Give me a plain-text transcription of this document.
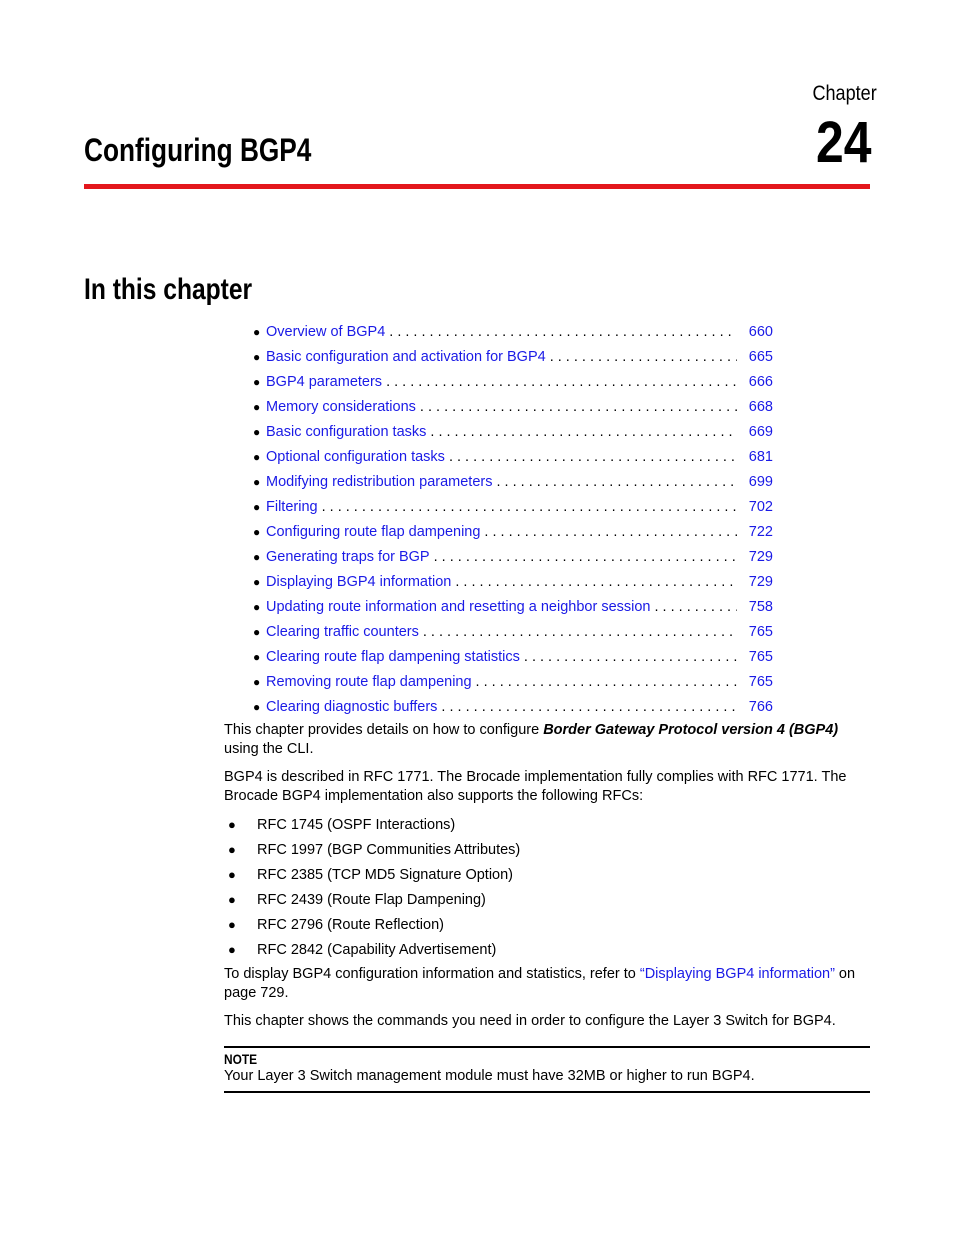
Chapter
24
Configuring BGP4
In this chapter
● Overview of BGP4 . . .	660
● Basic configuration and activation for BGP4 . . .	665
● BGP4 parameters . . .	666
● Memory considerations . . .	668
● Basic configuration tasks . . .	669
● Optional configuration tasks . . .	681
● Modifying redistribution parameters . . .	699
● Filtering . . .	702
● Configuring route flap dampening . . .	722
● Generating traps for BGP . . .	729
● Displaying BGP4 information . . .	729
● Updating route information and resetting a neighbor session . . .	758
● Clearing traffic counters . . .	765
● Clearing route flap dampening statistics . . .	765
● Removing route flap dampening . . .	765
● Clearing diagnostic buffers . . .	766

This chapter provides details on how to configure Border Gateway Protocol version 4 (BGP4) using the CLI.

BGP4 is described in RFC 1771. The Brocade implementation fully complies with RFC 1771. The Brocade BGP4 implementation also supports the following RFCs:

●	RFC 1745 (OSPF Interactions)
●	RFC 1997 (BGP Communities Attributes)
●	RFC 2385 (TCP MD5 Signature Option)
●	RFC 2439 (Route Flap Dampening)
●	RFC 2796 (Route Reflection)
●	RFC 2842 (Capability Advertisement)

To display BGP4 configuration information and statistics, refer to “Displaying BGP4 information” on page 729.

This chapter shows the commands you need in order to configure the Layer 3 Switch for BGP4.

NOTE
Your Layer 3 Switch management module must have 32MB or higher to run BGP4.
